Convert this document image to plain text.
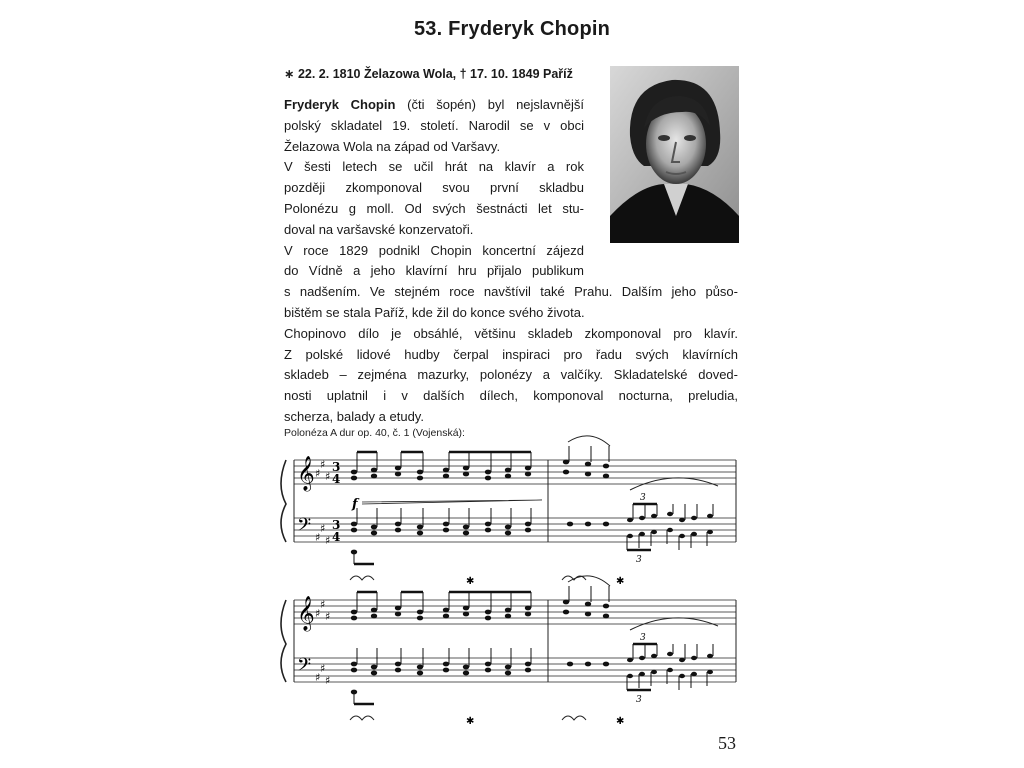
53. Fryderyk Chopin
∗ 22. 2. 1810 Želazowa Wola, † 17. 10. 1849 Paříž
Fryderyk Chopin (čti šopén) byl nejslavnější
polský skladatel 19. století. Narodil se v obci
Želazowa Wola na západ od Varšavy.
V šesti letech se učil hrát na klavír a rok
později zkomponoval svou první skladbu
Polonézu g moll. Od svých šestnácti let stu-
doval na varšavské konzervatoři.
V roce 1829 podnikl Chopin koncertní zájezd
do Vídně a jeho klavírní hru přijalo publikum
s nadšením. Ve stejném roce navštívil také Prahu. Dalším jeho půso-
bištěm se stala Paříž, kde žil do konce svého života.
Chopinovo dílo je obsáhlé, většinu skladeb zkomponoval pro klavír.
Z polské lidové hudby čerpal inspiraci pro řadu svých klavírních
skladeb – zejména mazurky, polonézy a valčíky. Skladatelské doved-
nosti uplatnil i v dalších dílech, komponoval nocturna, preludia,
scherza, balady a etudy.
Polonéza A dur op. 40, č. 1 (Vojenská):
𝄞
𝄢
♯
♯
♯
♯
♯
♯
3
4
3
4
f	3
3
✱	✱
𝄞
𝄢
♯
♯
♯
♯
♯
♯
3
3
✱	✱
53
